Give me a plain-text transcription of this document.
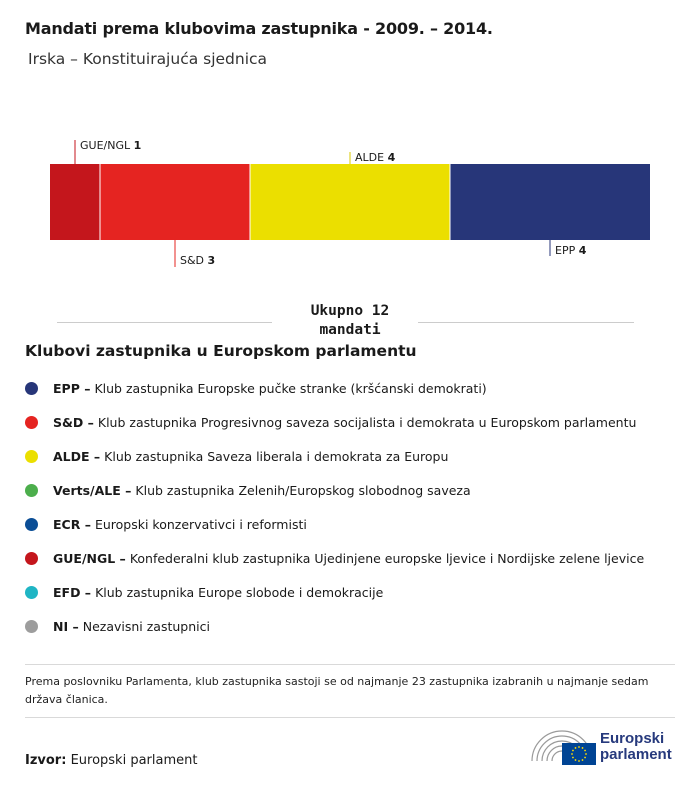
Mandati prema klubovima zastupnika - 2009. – 2014.
Irska – Konstituirajuća sjednica
GUE/NGL 1
S&D 3
ALDE 4
EPP 4
Ukupno 12
mandati
Klubovi zastupnika u Europskom parlamentu
EPP – Klub zastupnika Europske pučke stranke (kršćanski demokrati)
S&D – Klub zastupnika Progresivnog saveza socijalista i demokrata u Europskom parlamentu
ALDE – Klub zastupnika Saveza liberala i demokrata za Europu
Verts/ALE – Klub zastupnika Zelenih/Europskog slobodnog saveza
ECR – Europski konzervativci i reformisti
GUE/NGL – Konfederalni klub zastupnika Ujedinjene europske ljevice i Nordijske zelene ljevice
EFD – Klub zastupnika Europe slobode i demokracije
NI – Nezavisni zastupnici
Prema poslovniku Parlamenta, klub zastupnika sastoji se od najmanje 23 zastupnika izabranih u najmanje sedam država članica.
Izvor: Europski parlament
Europski
parlament
